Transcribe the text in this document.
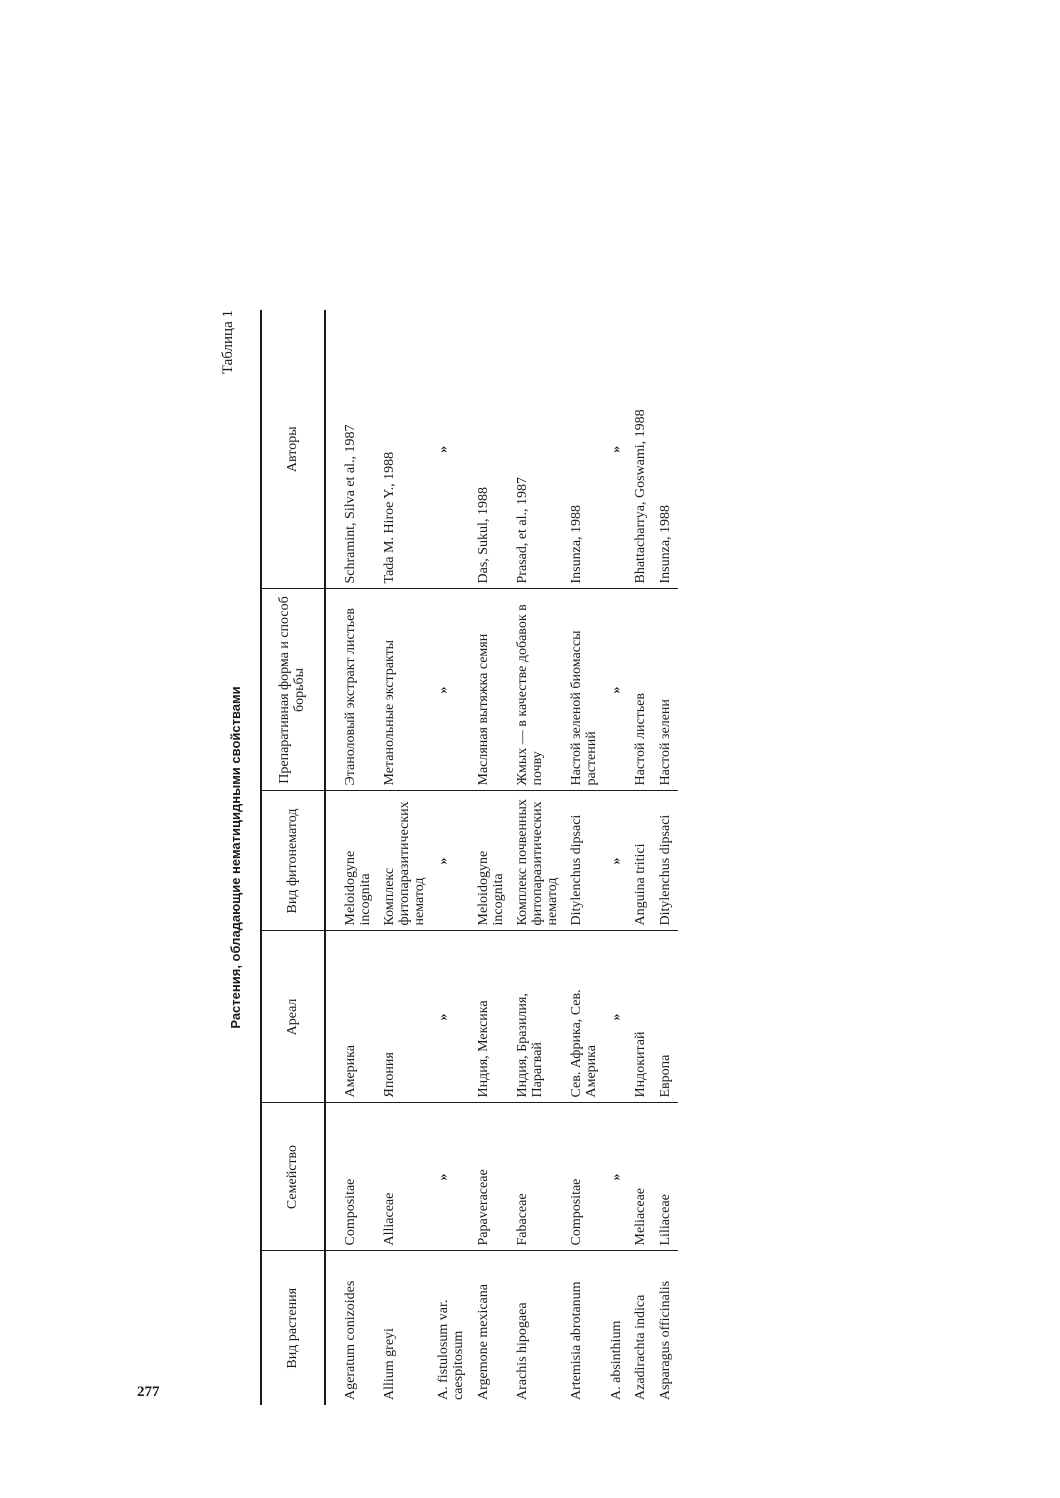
277
Таблица 1
Растения, обладающие нематицидными свойствами
Вид растения	Семейство	Ареал	Вид фитонематод	Препаративная форма и способ борьбы	Авторы
Ageratum conizoides	Compositae	Америка	Meloidogyne incognita	Этаноловый экстракт листьев	Schramint, Silva et al., 1987
Allium greyi	Alliaceae	Япония	Комплекс фитопаразитических нематод	Метанольные экстракты	Tada M. Hiroe Y., 1988
A. fistulosum var. caespitosum	»	»	»	»	»
Argemone mexicana	Papaveraceae	Индия, Мексика	Meloidogyne incognita	Масляная вытяжка семян	Das, Sukul, 1988
Arachis hipogaea	Fabaceae	Индия, Бразилия, Парагвай	Комплекс почвенных фитопаразитических нематод	Жмых — в качестве добавок в почву	Prasad, et al., 1987
Artemisia abrotanum	Compositae	Сев. Африка, Сев. Америка	Ditylenchus dipsaci	Настой зеленой биомассы растений	Insunza, 1988
A. absinthium	»	»	»	»	»
Azadirachta indica	Meliaceae	Индокитай	Anguina tritici	Настой листьев	Bhattacharrya, Goswami, 1988
Asparagus officinalis	Liliaceae	Европа	Ditylenchus dipsaci	Настой зелени	Insunza, 1988
